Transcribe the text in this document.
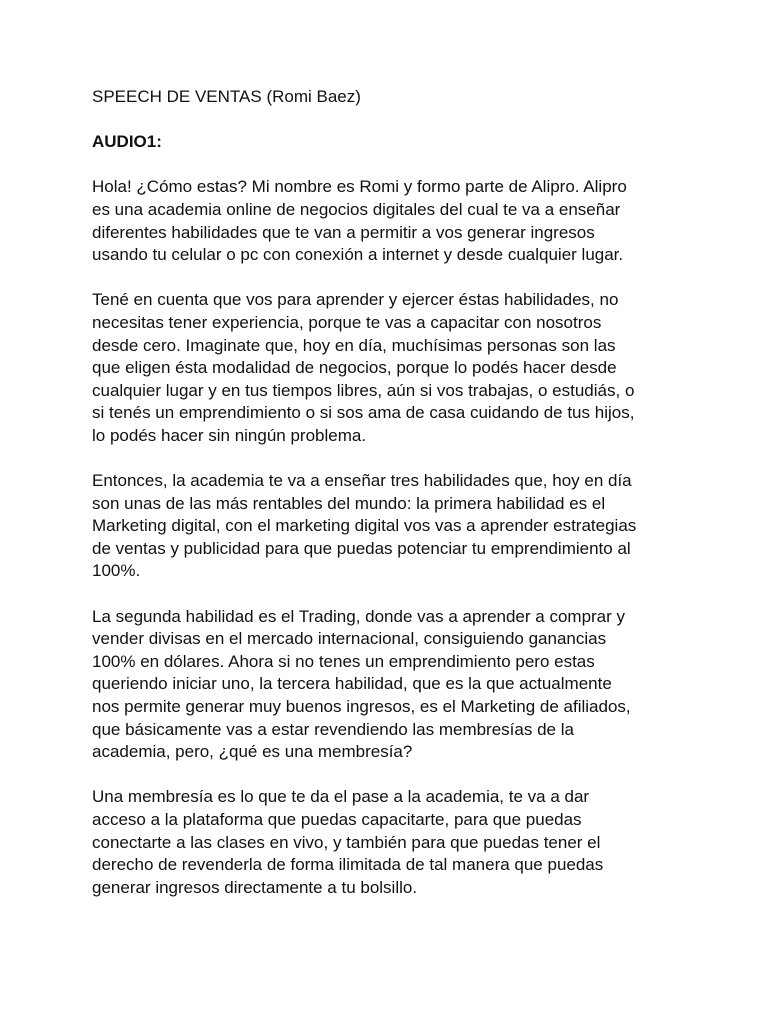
SPEECH DE VENTAS (Romi Baez)

AUDIO1:

Hola! ¿Cómo estas? Mi nombre es Romi y formo parte de Alipro. Alipro
es una academia online de negocios digitales del cual te va a enseñar
diferentes habilidades que te van a permitir a vos generar ingresos
usando tu celular o pc con conexión a internet y desde cualquier lugar.

Tené en cuenta que vos para aprender y ejercer éstas habilidades, no
necesitas tener experiencia, porque te vas a capacitar con nosotros
desde cero. Imaginate que, hoy en día, muchísimas personas son las
que eligen ésta modalidad de negocios, porque lo podés hacer desde
cualquier lugar y en tus tiempos libres, aún si vos trabajas, o estudiás, o
si tenés un emprendimiento o si sos ama de casa cuidando de tus hijos,
lo podés hacer sin ningún problema.

Entonces, la academia te va a enseñar tres habilidades que, hoy en día
son unas de las más rentables del mundo: la primera habilidad es el
Marketing digital, con el marketing digital vos vas a aprender estrategias
de ventas y publicidad para que puedas potenciar tu emprendimiento al
100%.

La segunda habilidad es el Trading, donde vas a aprender a comprar y
vender divisas en el mercado internacional, consiguiendo ganancias
100% en dólares. Ahora si no tenes un emprendimiento pero estas
queriendo iniciar uno, la tercera habilidad, que es la que actualmente
nos permite generar muy buenos ingresos, es el Marketing de afiliados,
que básicamente vas a estar revendiendo las membresías de la
academia, pero, ¿qué es una membresía?

Una membresía es lo que te da el pase a la academia, te va a dar
acceso a la plataforma que puedas capacitarte, para que puedas
conectarte a las clases en vivo, y también para que puedas tener el
derecho de revenderla de forma ilimitada de tal manera que puedas
generar ingresos directamente a tu bolsillo.
